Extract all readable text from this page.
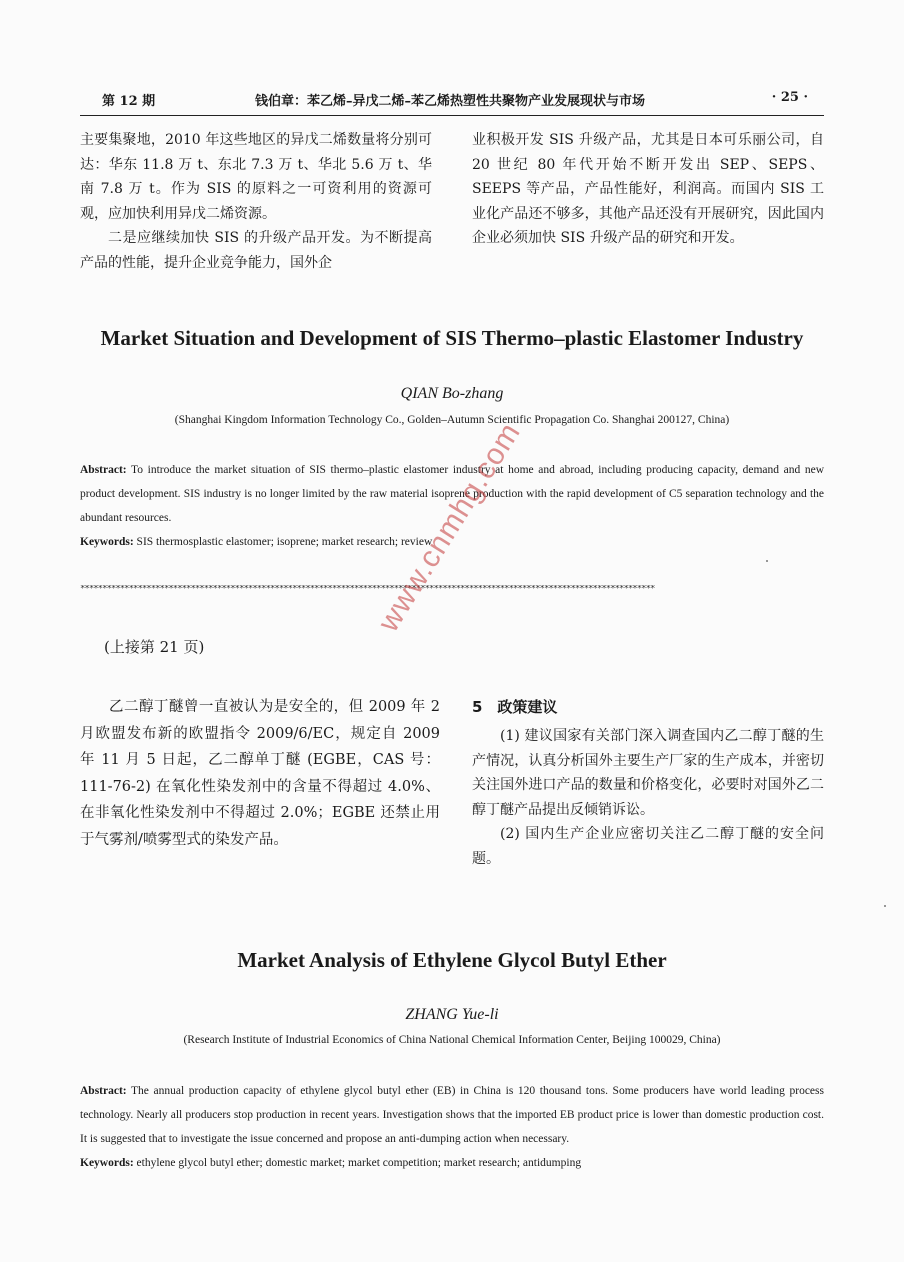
第 12 期	钱伯章：苯乙烯–异戊二烯–苯乙烯热塑性共聚物产业发展现状与市场	· 25 ·

主要集聚地，2010 年这些地区的异戊二烯数量将分别可达：华东 11.8 万 t、东北 7.3 万 t、华北 5.6 万 t、华南 7.8 万 t。作为 SIS 的原料之一可资利用的资源可观，应加快利用异戊二烯资源。

二是应继续加快 SIS 的升级产品开发。为不断提高产品的性能，提升企业竞争能力，国外企

业积极开发 SIS 升级产品，尤其是日本可乐丽公司，自 20 世纪 80 年代开始不断开发出 SEP、SEPS、SEEPS 等产品，产品性能好，利润高。而国内 SIS 工业化产品还不够多，其他产品还没有开展研究，因此国内企业必须加快 SIS 升级产品的研究和开发。

Market Situation and Development of SIS Thermo–plastic Elastomer Industry
QIAN Bo-zhang
(Shanghai Kingdom Information Technology Co., Golden–Autumn Scientific Propagation Co. Shanghai 200127, China)
Abstract: To introduce the market situation of SIS thermo–plastic elastomer industry at home and abroad, including producing capacity, demand and new product development. SIS industry is no longer limited by the raw material isoprene production with the rapid development of C5 separation technology and the abundant resources.
Keywords: SIS thermosplastic elastomer; isoprene; market research; review
**********************************************************************************************************************************
(上接第 21 页)

乙二醇丁醚曾一直被认为是安全的，但 2009 年 2 月欧盟发布新的欧盟指令 2009/6/EC，规定自 2009 年 11 月 5 日起，乙二醇单丁醚 (EGBE，CAS 号：111-76-2) 在氧化性染发剂中的含量不得超过 4.0%、在非氧化性染发剂中不得超过 2.0%；EGBE 还禁止用于气雾剂/喷雾型式的染发产品。

5　政策建议

(1) 建议国家有关部门深入调查国内乙二醇丁醚的生产情况，认真分析国外主要生产厂家的生产成本，并密切关注国外进口产品的数量和价格变化，必要时对国外乙二醇丁醚产品提出反倾销诉讼。

(2) 国内生产企业应密切关注乙二醇丁醚的安全问题。

Market Analysis of Ethylene Glycol Butyl Ether
ZHANG Yue-li
(Research Institute of Industrial Economics of China National Chemical Information Center, Beijing 100029, China)
Abstract: The annual production capacity of ethylene glycol butyl ether (EB) in China is 120 thousand tons. Some producers have world leading process technology. Nearly all producers stop production in recent years. Investigation shows that the imported EB product price is lower than domestic production cost. It is suggested that to investigate the issue concerned and propose an anti-dumping action when necessary.
Keywords: ethylene glycol butyl ether; domestic market; market competition; market research; antidumping
www.cnmhg.com
